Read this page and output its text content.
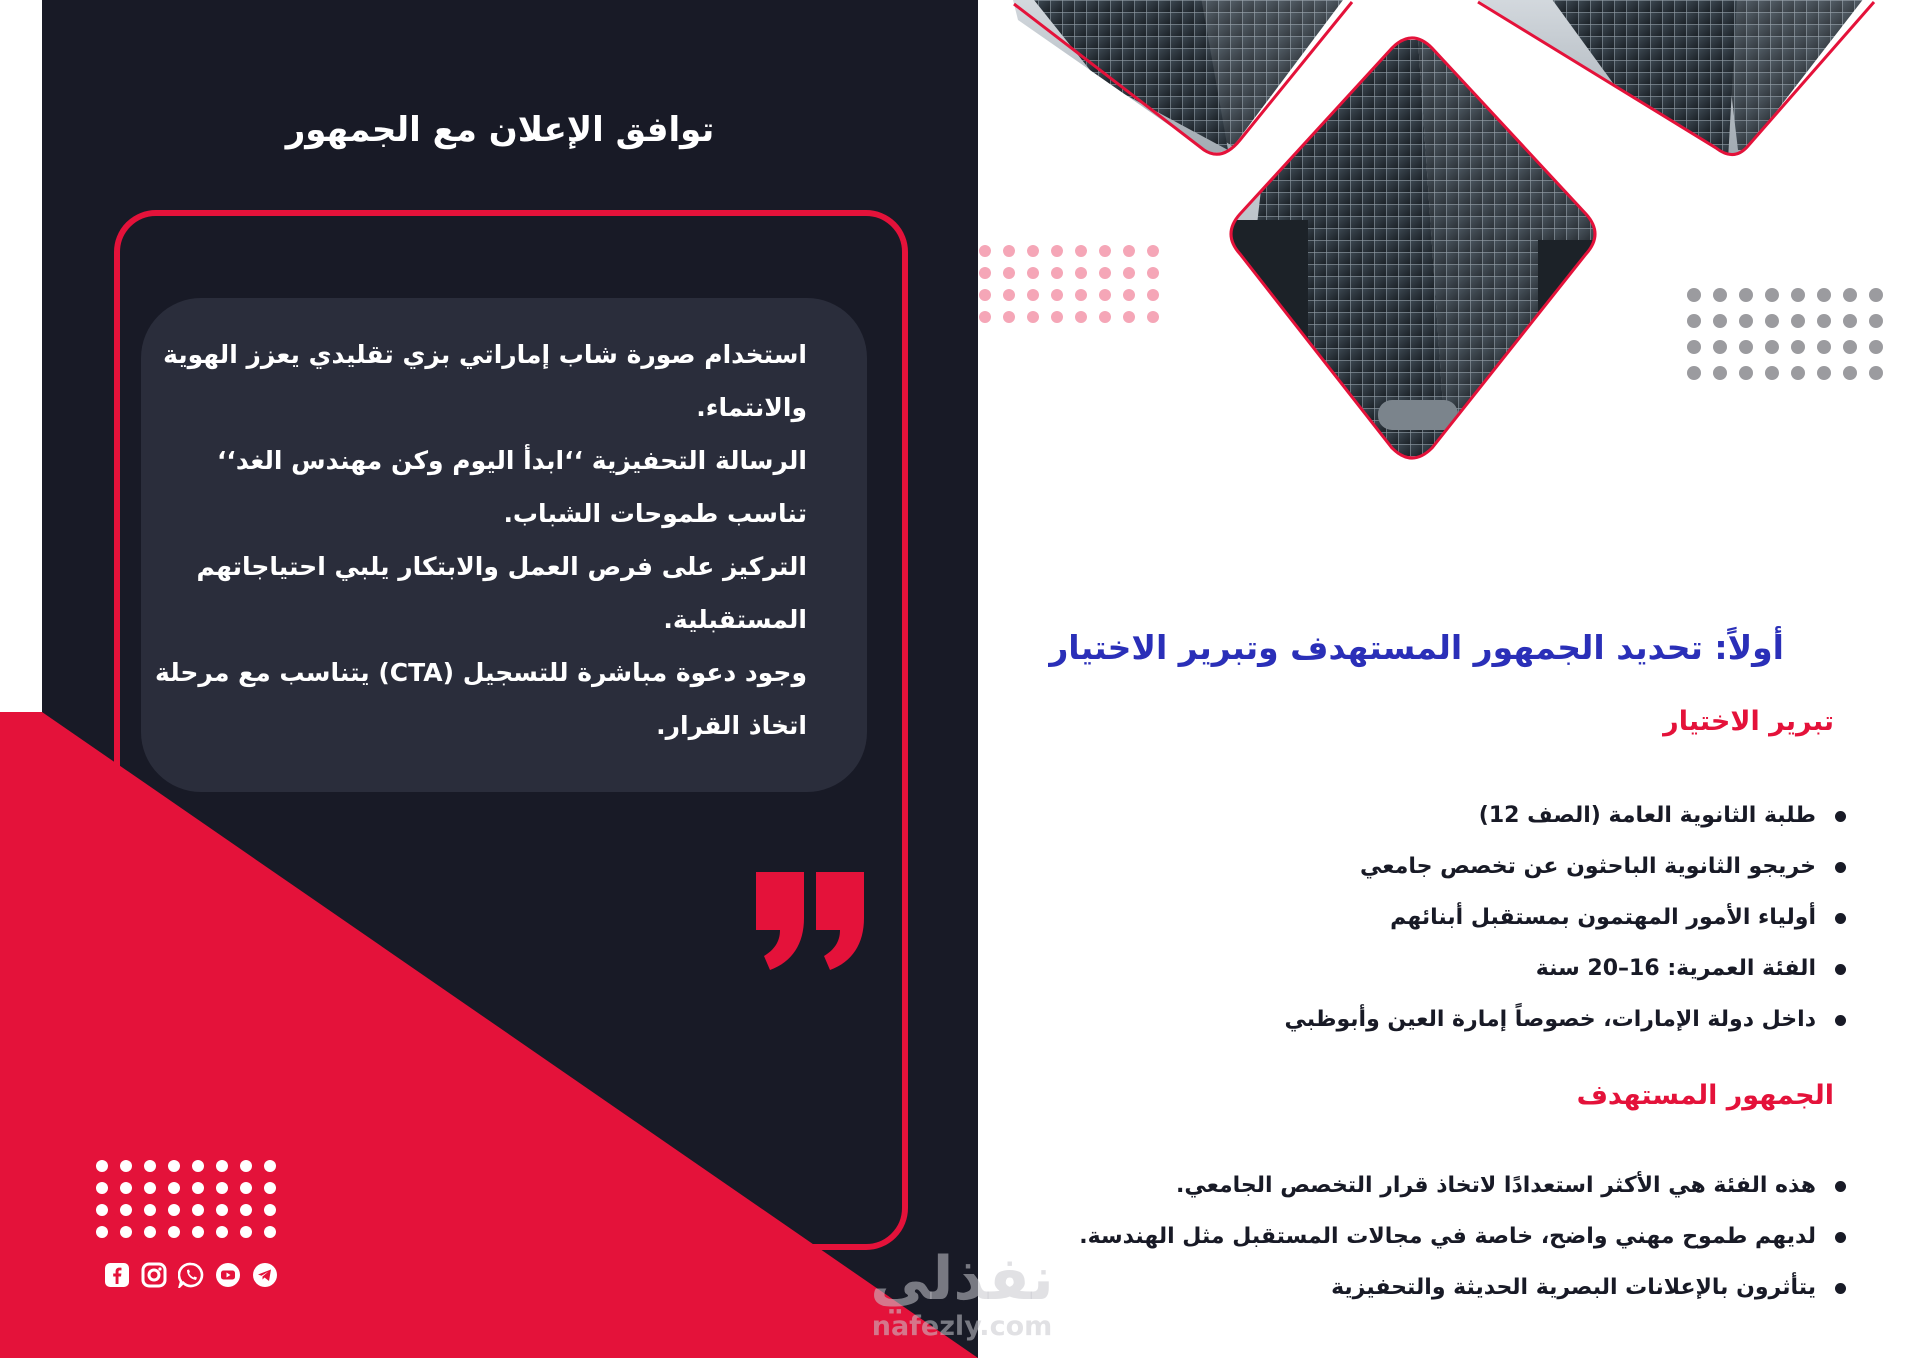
توافق الإعلان مع الجمهور
استخدام صورة شاب إماراتي بزي تقليدي يعزز الهوية والانتماء.
الرسالة التحفيزية ‘‘ابدأ اليوم وكن مهندس الغد‘‘ تناسب طموحات الشباب.
التركيز على فرص العمل والابتكار يلبي احتياجاتهم المستقبلية.
وجود دعوة مباشرة للتسجيل (CTA) يتناسب مع مرحلة اتخاذ القرار.
أولاً: تحديد الجمهور المستهدف وتبرير الاختيار
تبرير الاختيار
طلبة الثانوية العامة (الصف 12)
خريجو الثانوية الباحثون عن تخصص جامعي
أولياء الأمور المهتمون بمستقبل أبنائهم
الفئة العمرية: 16–20 سنة
داخل دولة الإمارات، خصوصاً إمارة العين وأبوظبي
الجمهور المستهدف
هذه الفئة هي الأكثر استعدادًا لاتخاذ قرار التخصص الجامعي.
لديهم طموح مهني واضح، خاصة في مجالات المستقبل مثل الهندسة.
يتأثرون بالإعلانات البصرية الحديثة والتحفيزية
نفذلي
nafezly.com
